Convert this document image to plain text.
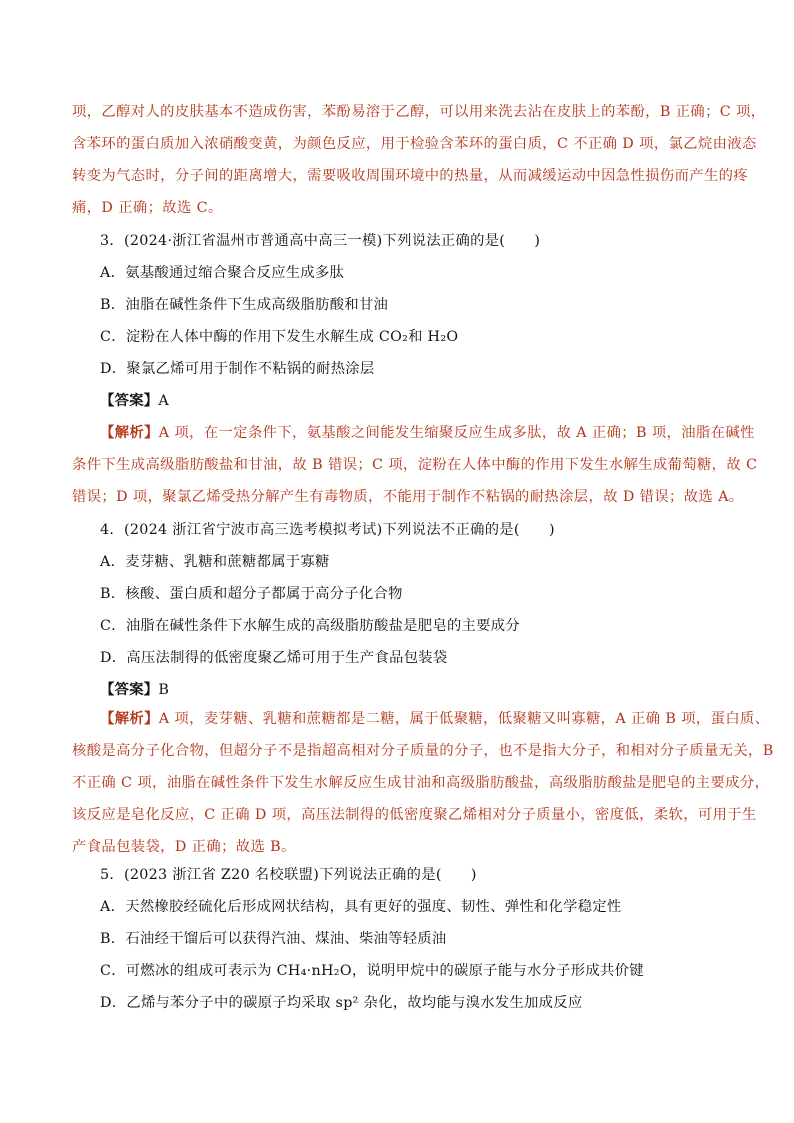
项，乙醇对人的皮肤基本不造成伤害，苯酚易溶于乙醇，可以用来洗去沾在皮肤上的苯酚，B 正确；C 项，
含苯环的蛋白质加入浓硝酸变黄，为颜色反应，用于检验含苯环的蛋白质，C 不正确 D 项，氯乙烷由液态
转变为气态时，分子间的距离增大，需要吸收周围环境中的热量，从而减缓运动中因急性损伤而产生的疼
痛，D 正确；故选 C。
3．(2024·浙江省温州市普通高中高三一模)下列说法正确的是(　　)
A．氨基酸通过缩合聚合反应生成多肽
B．油脂在碱性条件下生成高级脂肪酸和甘油
C．淀粉在人体中酶的作用下发生水解生成 CO₂和 H₂O
D．聚氯乙烯可用于制作不粘锅的耐热涂层
【答案】A
【解析】A 项，在一定条件下，氨基酸之间能发生缩聚反应生成多肽，故 A 正确；B 项，油脂在碱性
条件下生成高级脂肪酸盐和甘油，故 B 错误；C 项，淀粉在人体中酶的作用下发生水解生成葡萄糖，故 C
错误；D 项，聚氯乙烯受热分解产生有毒物质，不能用于制作不粘锅的耐热涂层，故 D 错误；故选 A。
4．(2024 浙江省宁波市高三选考模拟考试)下列说法不正确的是(　　)
A．麦芽糖、乳糖和蔗糖都属于寡糖
B．核酸、蛋白质和超分子都属于高分子化合物
C．油脂在碱性条件下水解生成的高级脂肪酸盐是肥皂的主要成分
D．高压法制得的低密度聚乙烯可用于生产食品包装袋
【答案】B
【解析】A 项，麦芽糖、乳糖和蔗糖都是二糖，属于低聚糖，低聚糖又叫寡糖，A 正确 B 项，蛋白质、
核酸是高分子化合物，但超分子不是指超高相对分子质量的分子，也不是指大分子，和相对分子质量无关，B
不正确 C 项，油脂在碱性条件下发生水解反应生成甘油和高级脂肪酸盐，高级脂肪酸盐是肥皂的主要成分，
该反应是皂化反应，C 正确 D 项，高压法制得的低密度聚乙烯相对分子质量小，密度低，柔软，可用于生
产食品包装袋，D 正确；故选 B。
5．(2023 浙江省 Z20 名校联盟)下列说法正确的是(　　)
A．天然橡胶经硫化后形成网状结构，具有更好的强度、韧性、弹性和化学稳定性
B．石油经干馏后可以获得汽油、煤油、柴油等轻质油
C．可燃冰的组成可表示为 CH₄·nH₂O，说明甲烷中的碳原子能与水分子形成共价键
D．乙烯与苯分子中的碳原子均采取 sp² 杂化，故均能与溴水发生加成反应
